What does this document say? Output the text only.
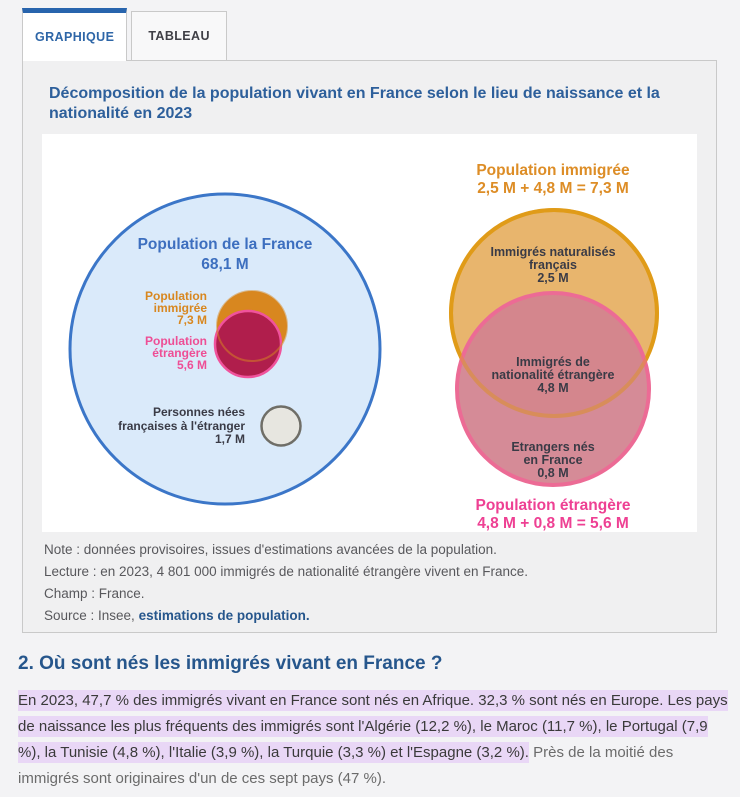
GRAPHIQUE	TABLEAU
Décomposition de la population vivant en France selon le lieu de naissance et la nationalité en 2023
Population de la France
68,1 M
Population
immigrée
7,3 M
Population
étrangère
5,6 M
Personnes nées
françaises à l'étranger
1,7 M
Population immigrée
2,5 M + 4,8 M = 7,3 M
Immigrés naturalisés
français
2,5 M
Immigrés de
nationalité étrangère
4,8 M
Etrangers nés
en France
0,8 M
Population étrangère
4,8 M + 0,8 M = 5,6 M
Note : données provisoires, issues d'estimations avancées de la population.
Lecture : en 2023, 4 801 000 immigrés de nationalité étrangère vivent en France.
Champ : France.
Source : Insee, estimations de population.
2. Où sont nés les immigrés vivant en France ?

En 2023, 47,7 % des immigrés vivant en France sont nés en Afrique. 32,3 % sont nés en Europe. Les pays de naissance les plus fréquents des immigrés sont l'Algérie (12,2 %), le Maroc (11,7 %), le Portugal (7,9 %), la Tunisie (4,8 %), l'Italie (3,9 %), la Turquie (3,3 %) et l'Espagne (3,2 %). Près de la moitié des immigrés sont originaires d'un de ces sept pays (47 %).
